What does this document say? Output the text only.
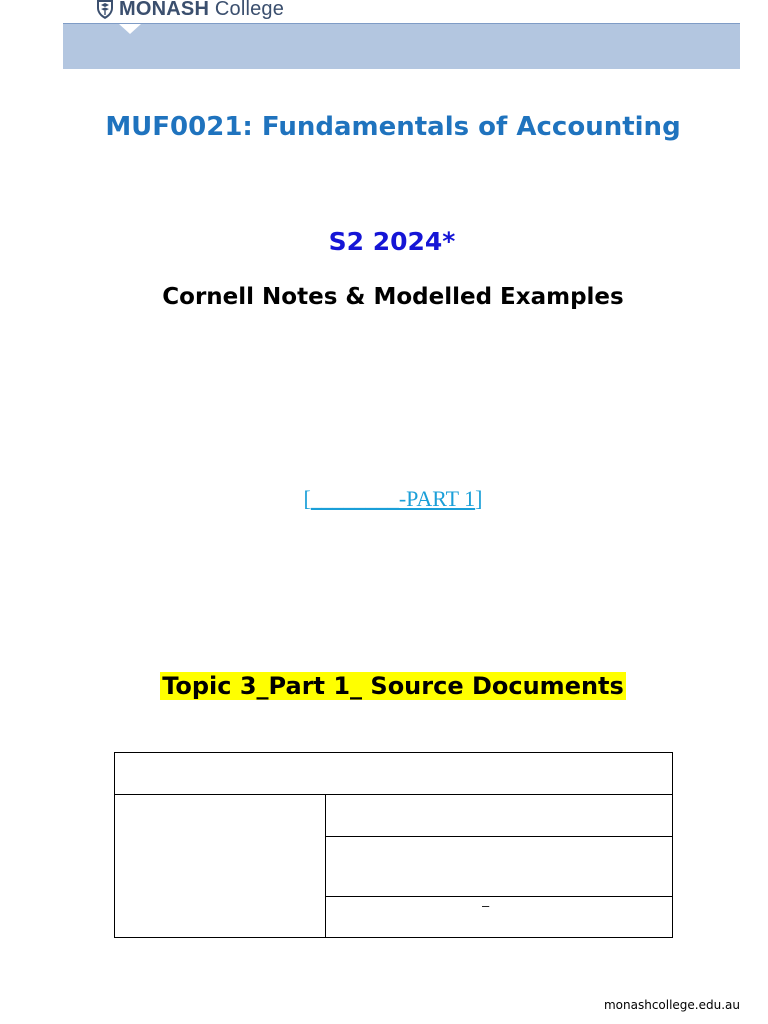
MONASH College
MUF0021: Fundamentals of Accounting
S2 2024*
Cornell Notes & Modelled Examples
[________-PART 1]
Topic 3_Part 1_ Source Documents
–
monashcollege.edu.au
